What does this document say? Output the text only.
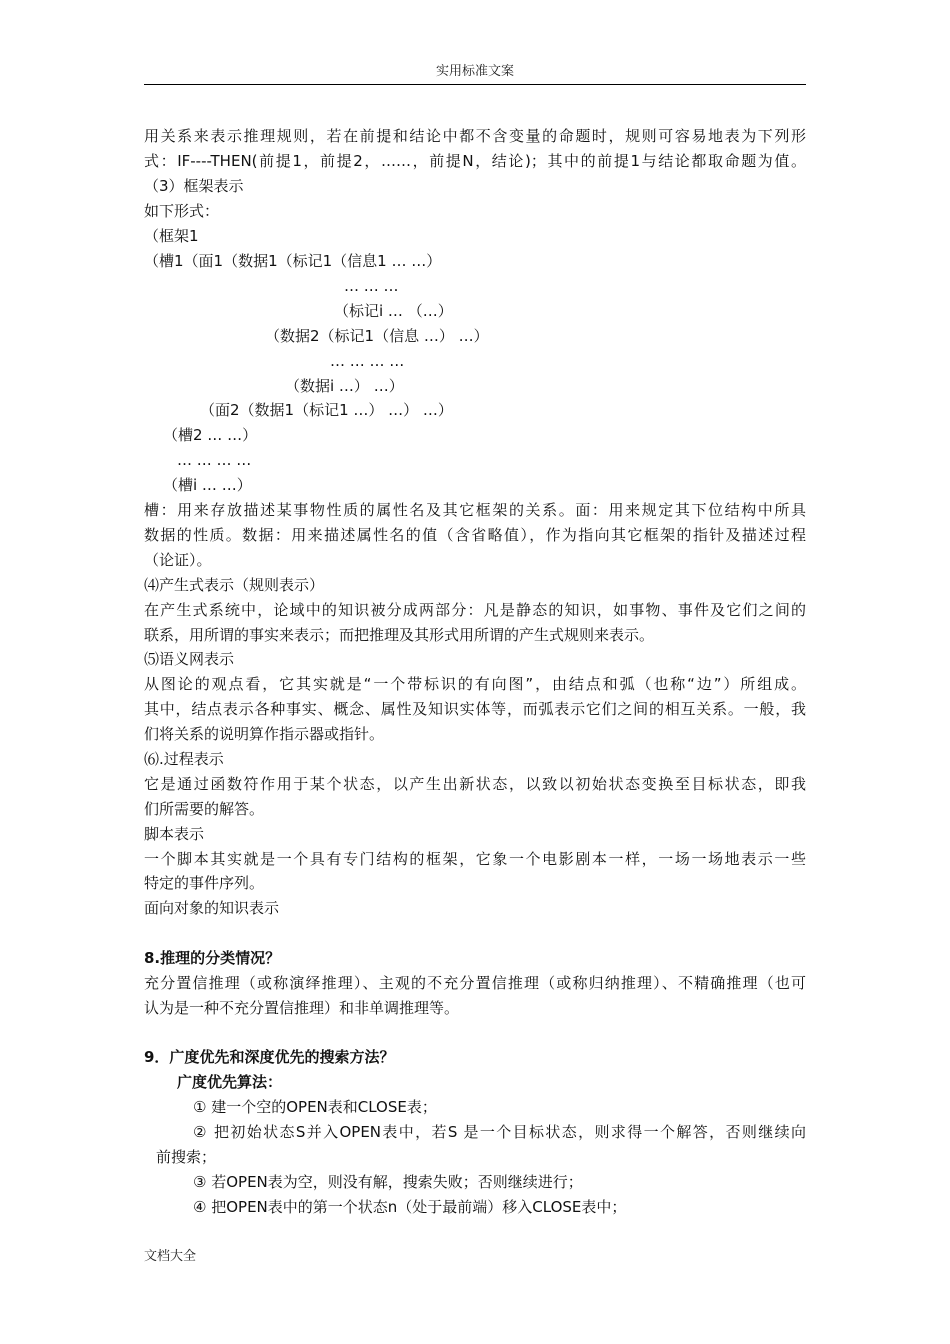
实用标准文案
用关系来表示推理规则，若在前提和结论中都不含变量的命题时，规则可容易地表为下列形
式：IF----THEN(前提1，前提2，……，前提N，结论)；其中的前提1与结论都取命题为值。
（3）框架表示
如下形式：
（框架1
（槽1（面1（数据1（标记1（信息1 … …）
… … …
（标记i … （…）
（数据2（标记1（信息 …） …）
… … … …
（数据i …） …）
（面2（数据1（标记1 …） …） …）
（槽2 … …）
… … … …
（槽i … …）
槽：用来存放描述某事物性质的属性名及其它框架的关系。面：用来规定其下位结构中所具
数据的性质。数据：用来描述属性名的值（含省略值），作为指向其它框架的指针及描述过程
（论证）。
⑷产生式表示（规则表示）
在产生式系统中，论域中的知识被分成两部分：凡是静态的知识，如事物、事件及它们之间的
联系，用所谓的事实来表示；而把推理及其形式用所谓的产生式规则来表示。
⑸语义网表示
从图论的观点看，它其实就是“一个带标识的有向图”，由结点和弧（也称“边”）所组成。
其中，结点表示各种事实、概念、属性及知识实体等，而弧表示它们之间的相互关系。一般，我
们将关系的说明算作指示器或指针。
⑹.过程表示
它是通过函数符作用于某个状态，以产生出新状态，以致以初始状态变换至目标状态，即我
们所需要的解答。
脚本表示
一个脚本其实就是一个具有专门结构的框架，它象一个电影剧本一样，一场一场地表示一些
特定的事件序列。
面向对象的知识表示
8.推理的分类情况？
充分置信推理（或称演绎推理）、主观的不充分置信推理（或称归纳推理）、不精确推理（也可
认为是一种不充分置信推理）和非单调推理等。
9．广度优先和深度优先的搜索方法？
广度优先算法：
① 建一个空的OPEN表和CLOSE表；
② 把初始状态S并入OPEN表中，若S 是一个目标状态，则求得一个解答，否则继续向
前搜索；
③ 若OPEN表为空，则没有解，搜索失败；否则继续进行；
④ 把OPEN表中的第一个状态n（处于最前端）移入CLOSE表中；
文档大全
